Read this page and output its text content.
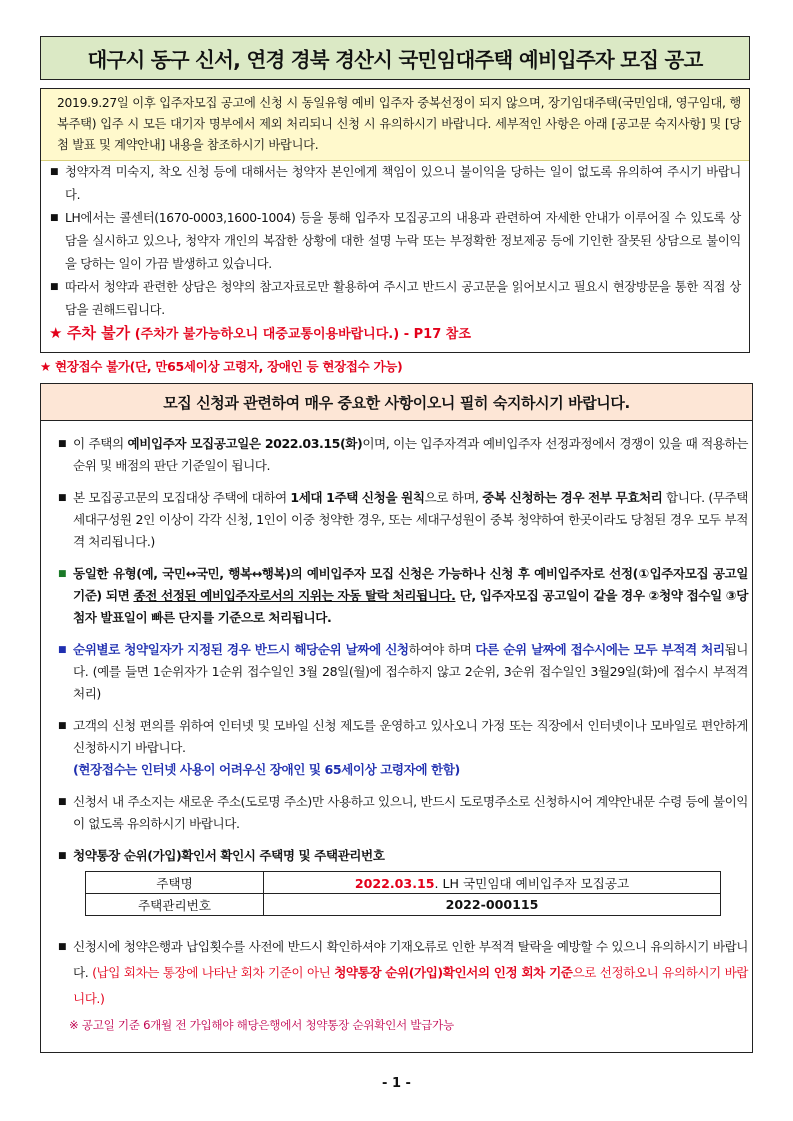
대구시 동구 신서, 연경 경북 경산시 국민임대주택 예비입주자 모집 공고
2019.9.27일 이후 입주자모집 공고에 신청 시 동일유형 예비 입주자 중복선정이 되지 않으며, 장기임대주택(국민임대, 영구임대, 행복주택) 입주 시 모든 대기자 명부에서 제외 처리되니 신청 시 유의하시기 바랍니다. 세부적인 사항은 아래 [공고문 숙지사항] 및 [당첨 발표 및 계약안내] 내용을 참조하시기 바랍니다.
■ 청약자격 미숙지, 착오 신청 등에 대해서는 청약자 본인에게 책임이 있으니 불이익을 당하는 일이 없도록 유의하여 주시기 바랍니다.
■ LH에서는 콜센터(1670-0003,1600-1004) 등을 통해 입주자 모집공고의 내용과 관련하여 자세한 안내가 이루어질 수 있도록 상담을 실시하고 있으나, 청약자 개인의 복잡한 상황에 대한 설명 누락 또는 부정확한 정보제공 등에 기인한 잘못된 상담으로 불이익을 당하는 일이 가끔 발생하고 있습니다.
■ 따라서 청약과 관련한 상담은 청약의 참고자료로만 활용하여 주시고 반드시 공고문을 읽어보시고 필요시 현장방문을 통한 직접 상담을 권해드립니다.
★ 주차 불가 (주차가 불가능하오니 대중교통이용바랍니다.) - P17 참조
★ 현장접수 불가(단, 만65세이상 고령자, 장애인 등 현장접수 가능)
모집 신청과 관련하여 매우 중요한 사항이오니 필히 숙지하시기 바랍니다.
■ 이 주택의 예비입주자 모집공고일은 2022.03.15(화)이며, 이는 입주자격과 예비입주자 선정과정에서 경쟁이 있을 때 적용하는 순위 및 배점의 판단 기준일이 됩니다.
■ 본 모집공고문의 모집대상 주택에 대하여 1세대 1주택 신청을 원칙으로 하며, 중복 신청하는 경우 전부 무효처리 합니다. (무주택세대구성원 2인 이상이 각각 신청, 1인이 이중 청약한 경우, 또는 세대구성원이 중복 청약하여 한곳이라도 당첨된 경우 모두 부적격 처리됩니다.)
■ 동일한 유형(예, 국민↔국민, 행복↔행복)의 예비입주자 모집 신청은 가능하나 신청 후 예비입주자로 선정(①입주자모집 공고일 기준) 되면 종전 선정된 예비입주자로서의 지위는 자동 탈락 처리됩니다. 단, 입주자모집 공고일이 같을 경우 ②청약 접수일 ③당첨자 발표일이 빠른 단지를 기준으로 처리됩니다.
■ 순위별로 청약일자가 지정된 경우 반드시 해당순위 날짜에 신청하여야 하며 다른 순위 날짜에 접수시에는 모두 부적격 처리됩니다. (예를 들면 1순위자가 1순위 접수일인 3월 28일(월)에 접수하지 않고 2순위, 3순위 접수일인 3월29일(화)에 접수시 부적격 처리)
■ 고객의 신청 편의를 위하여 인터넷 및 모바일 신청 제도를 운영하고 있사오니 가정 또는 직장에서 인터넷이나 모바일로 편안하게 신청하시기 바랍니다.
(현장접수는 인터넷 사용이 어려우신 장애인 및 65세이상 고령자에 한함)
■ 신청서 내 주소지는 새로운 주소(도로명 주소)만 사용하고 있으니, 반드시 도로명주소로 신청하시어 계약안내문 수령 등에 불이익이 없도록 유의하시기 바랍니다.
■ 청약통장 순위(가입)확인서 확인시 주택명 및 주택관리번호
주택명	2022.03.15. LH 국민임대 예비입주자 모집공고
주택관리번호	2022-000115
■ 신청시에 청약은행과 납입횟수를 사전에 반드시 확인하셔야 기재오류로 인한 부적격 탈락을 예방할 수 있으니 유의하시기 바랍니다. (납입 회차는 통장에 나타난 회차 기준이 아닌 청약통장 순위(가입)확인서의 인정 회차 기준으로 선정하오니 유의하시기 바랍니다.)
※ 공고일 기준 6개월 전 가입해야 해당은행에서 청약통장 순위확인서 발급가능
- 1 -
